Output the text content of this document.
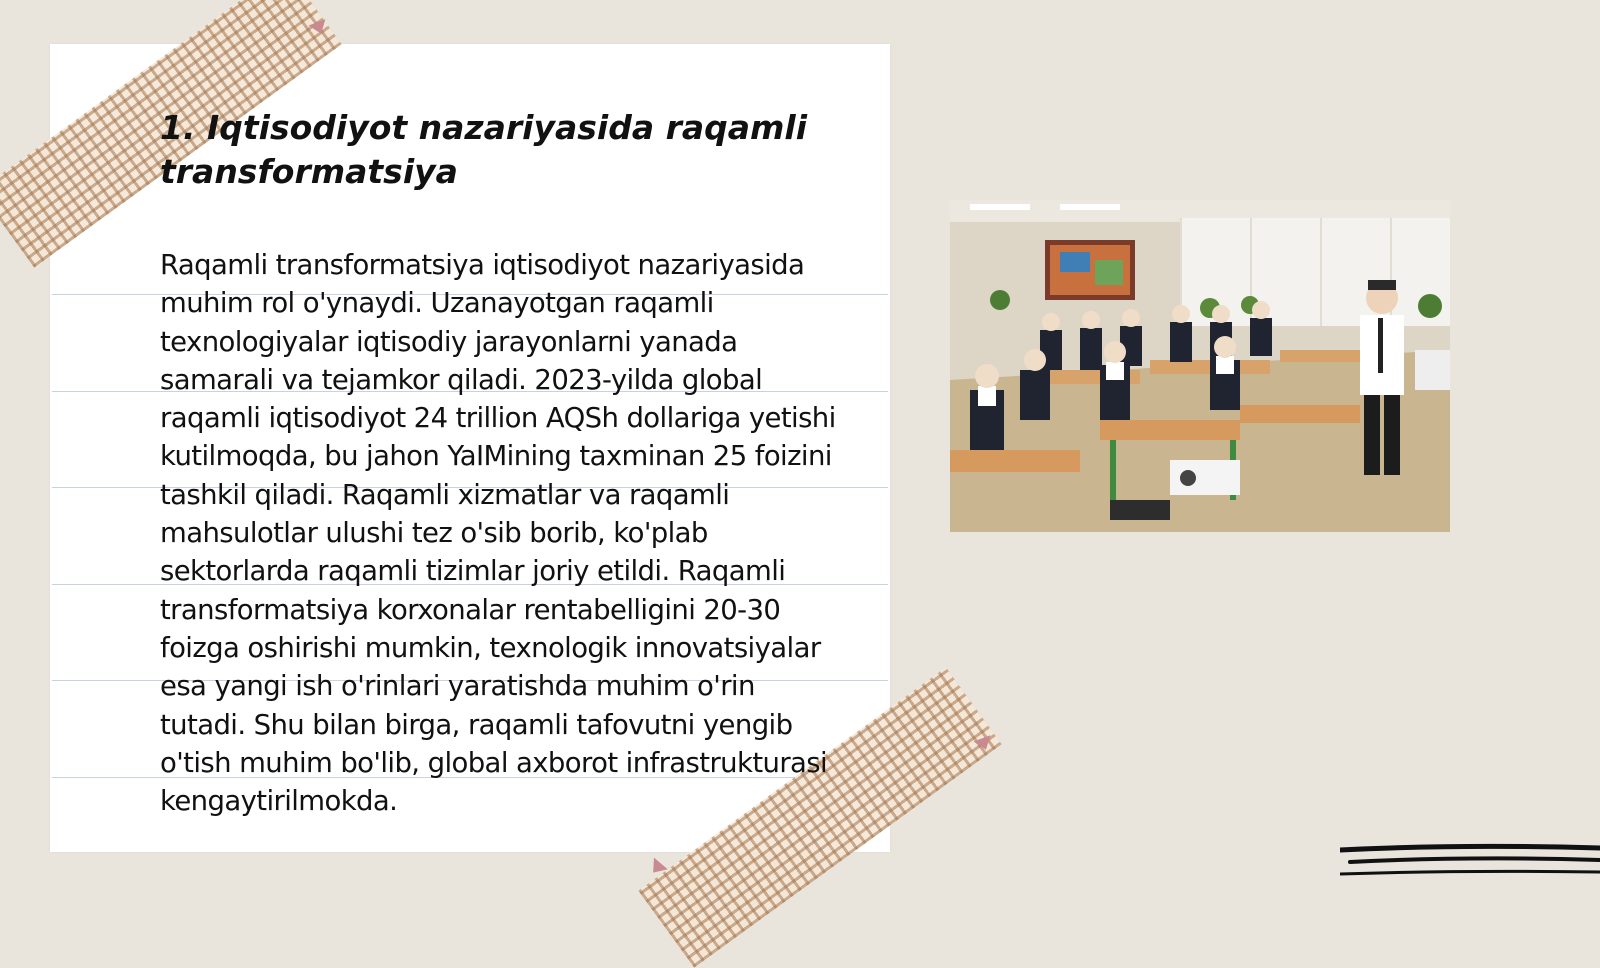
1. Iqtisodiyot nazariyasida raqamli transformatsiya

Raqamli transformatsiya iqtisodiyot nazariyasida muhim rol o'ynaydi. Uzanayotgan raqamli texnologiyalar iqtisodiy jarayonlarni yanada samarali va tejamkor qiladi. 2023-yilda global raqamli iqtisodiyot 24 trillion AQSh dollariga yetishi kutilmoqda, bu jahon YaIMining taxminan 25 foizini tashkil qiladi. Raqamli xizmatlar va raqamli mahsulotlar ulushi tez o'sib borib, ko'plab sektorlarda raqamli tizimlar joriy etildi. Raqamli transformatsiya korxonalar rentabelligini 20-30 foizga oshirishi mumkin, texnologik innovatsiyalar esa yangi ish o'rinlari yaratishda muhim o'rin tutadi. Shu bilan birga, raqamli tafovutni yengib o'tish muhim bo'lib, global axborot infrastrukturasi kengaytirilmokda.
